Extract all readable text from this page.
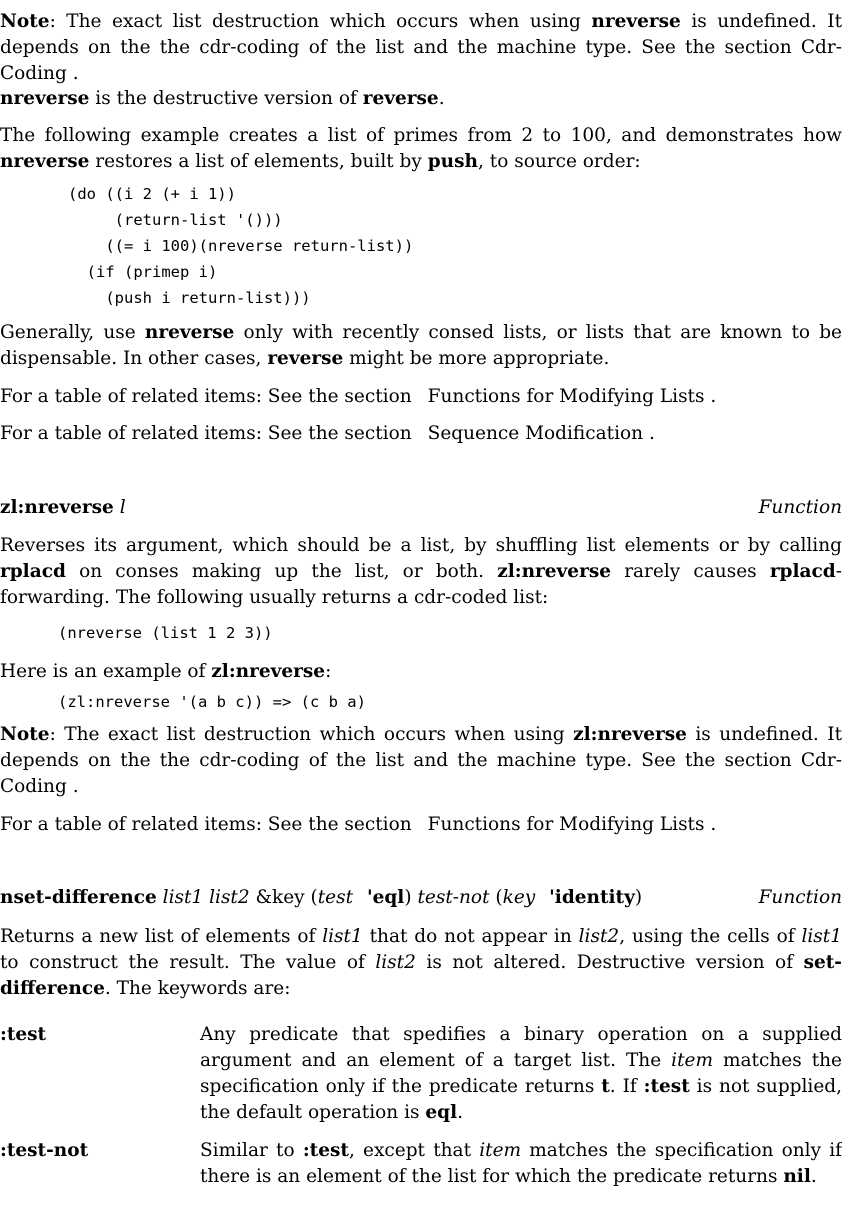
Note: The exact list destruction which occurs when using nreverse is undefined. It depends on the the cdr-coding of the list and the machine type. See the section Cdr-Coding .

nreverse is the destructive version of reverse.

The following example creates a list of primes from 2 to 100, and demonstrates how nreverse restores a list of elements, built by push, to source order:

(do ((i 2 (+ i 1))
(return-list '()))
((= i 100)(nreverse return-list))
(if (primep i)
(push i return-list)))

Generally, use nreverse only with recently consed lists, or lists that are known to be dispensable. In other cases, reverse might be more appropriate.

For a table of related items: See the section Functions for Modifying Lists .

For a table of related items: See the section Sequence Modification .

zl:nreverse l	Function

Reverses its argument, which should be a list, by shuffling list elements or by calling rplacd on conses making up the list, or both. zl:nreverse rarely causes rplacd-forwarding. The following usually returns a cdr-coded list:

(nreverse (list 1 2 3))

Here is an example of zl:nreverse:

(zl:nreverse '(a b c)) => (c b a)

Note: The exact list destruction which occurs when using zl:nreverse is undefined. It depends on the the cdr-coding of the list and the machine type. See the section Cdr-Coding .

For a table of related items: See the section Functions for Modifying Lists .

nset-difference list1 list2 &key (test 'eql) test-not (key 'identity)	Function

Returns a new list of elements of list1 that do not appear in list2, using the cells of list1 to construct the result. The value of list2 is not altered. Destructive version of set-difference. The keywords are:

:test	Any predicate that spedifies a binary operation on a supplied argument and an element of a target list. The item matches the specification only if the predicate returns t. If :test is not supplied, the default operation is eql.
:test-not	Similar to :test, except that item matches the specification only if there is an element of the list for which the predicate returns nil.
